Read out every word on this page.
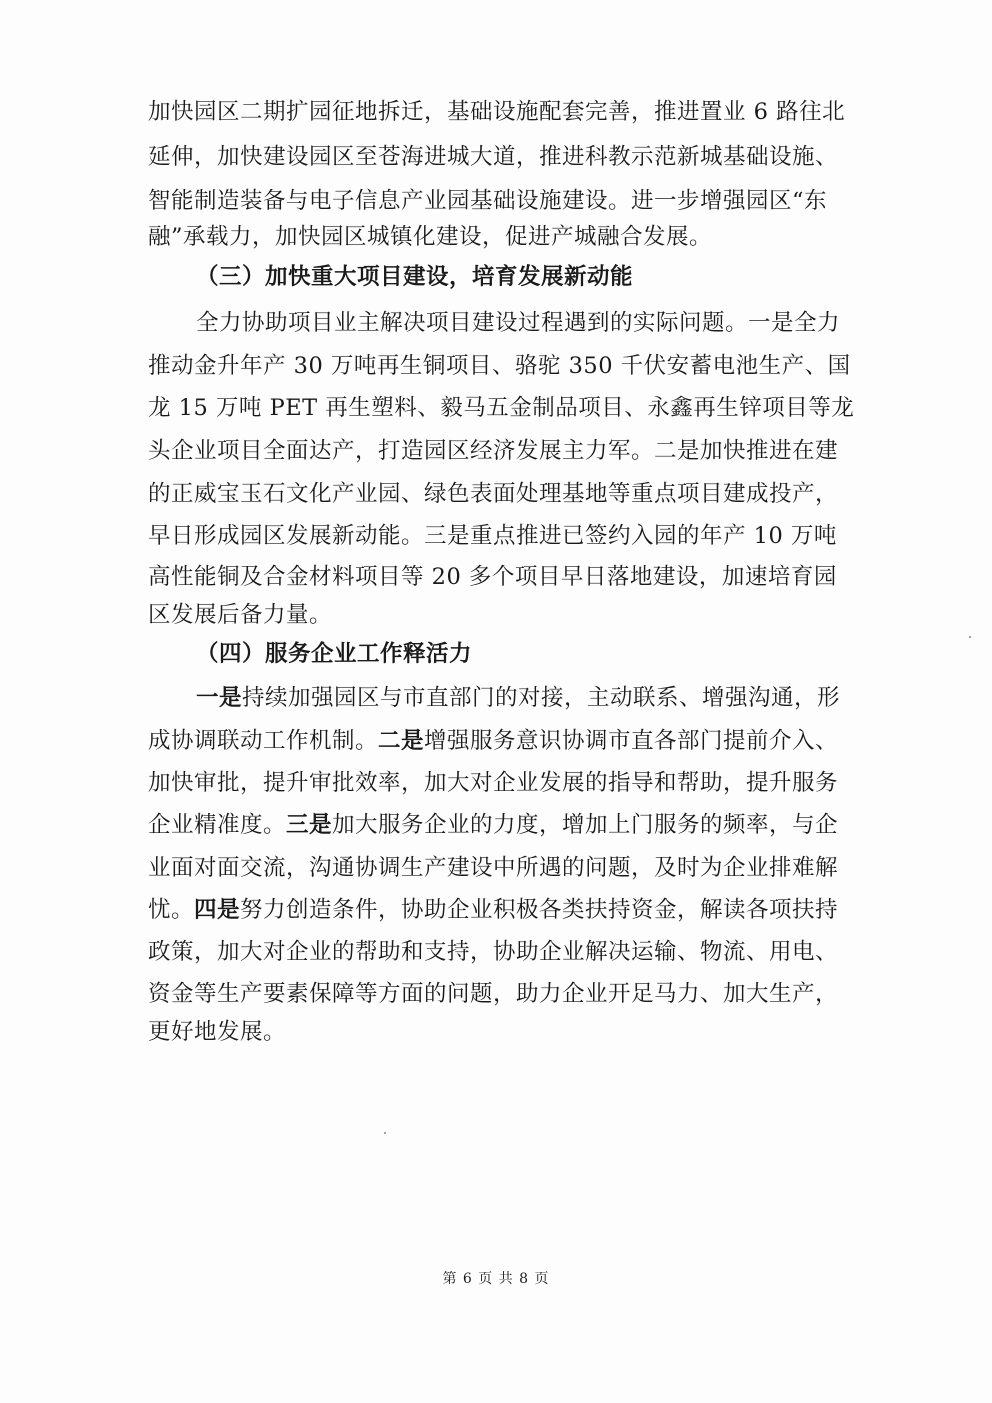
加快园区二期扩园征地拆迁，基础设施配套完善，推进置业 6 路往北
延伸，加快建设园区至苍海进城大道，推进科教示范新城基础设施、
智能制造装备与电子信息产业园基础设施建设。进一步增强园区“东
融”承载力，加快园区城镇化建设，促进产城融合发展。
（三）加快重大项目建设，培育发展新动能
全力协助项目业主解决项目建设过程遇到的实际问题。一是全力
推动金升年产 30 万吨再生铜项目、骆驼 350 千伏安蓄电池生产、国
龙 15 万吨 PET 再生塑料、毅马五金制品项目、永鑫再生锌项目等龙
头企业项目全面达产，打造园区经济发展主力军。二是加快推进在建
的正威宝玉石文化产业园、绿色表面处理基地等重点项目建成投产，
早日形成园区发展新动能。三是重点推进已签约入园的年产 10 万吨
高性能铜及合金材料项目等 20 多个项目早日落地建设，加速培育园
区发展后备力量。
（四）服务企业工作释活力
一是持续加强园区与市直部门的对接，主动联系、增强沟通，形
成协调联动工作机制。二是增强服务意识协调市直各部门提前介入、
加快审批，提升审批效率，加大对企业发展的指导和帮助，提升服务
企业精准度。三是加大服务企业的力度，增加上门服务的频率，与企
业面对面交流，沟通协调生产建设中所遇的问题，及时为企业排难解
忧。四是努力创造条件，协助企业积极各类扶持资金，解读各项扶持
政策，加大对企业的帮助和支持，协助企业解决运输、物流、用电、
资金等生产要素保障等方面的问题，助力企业开足马力、加大生产，
更好地发展。
第 6 页 共 8 页
